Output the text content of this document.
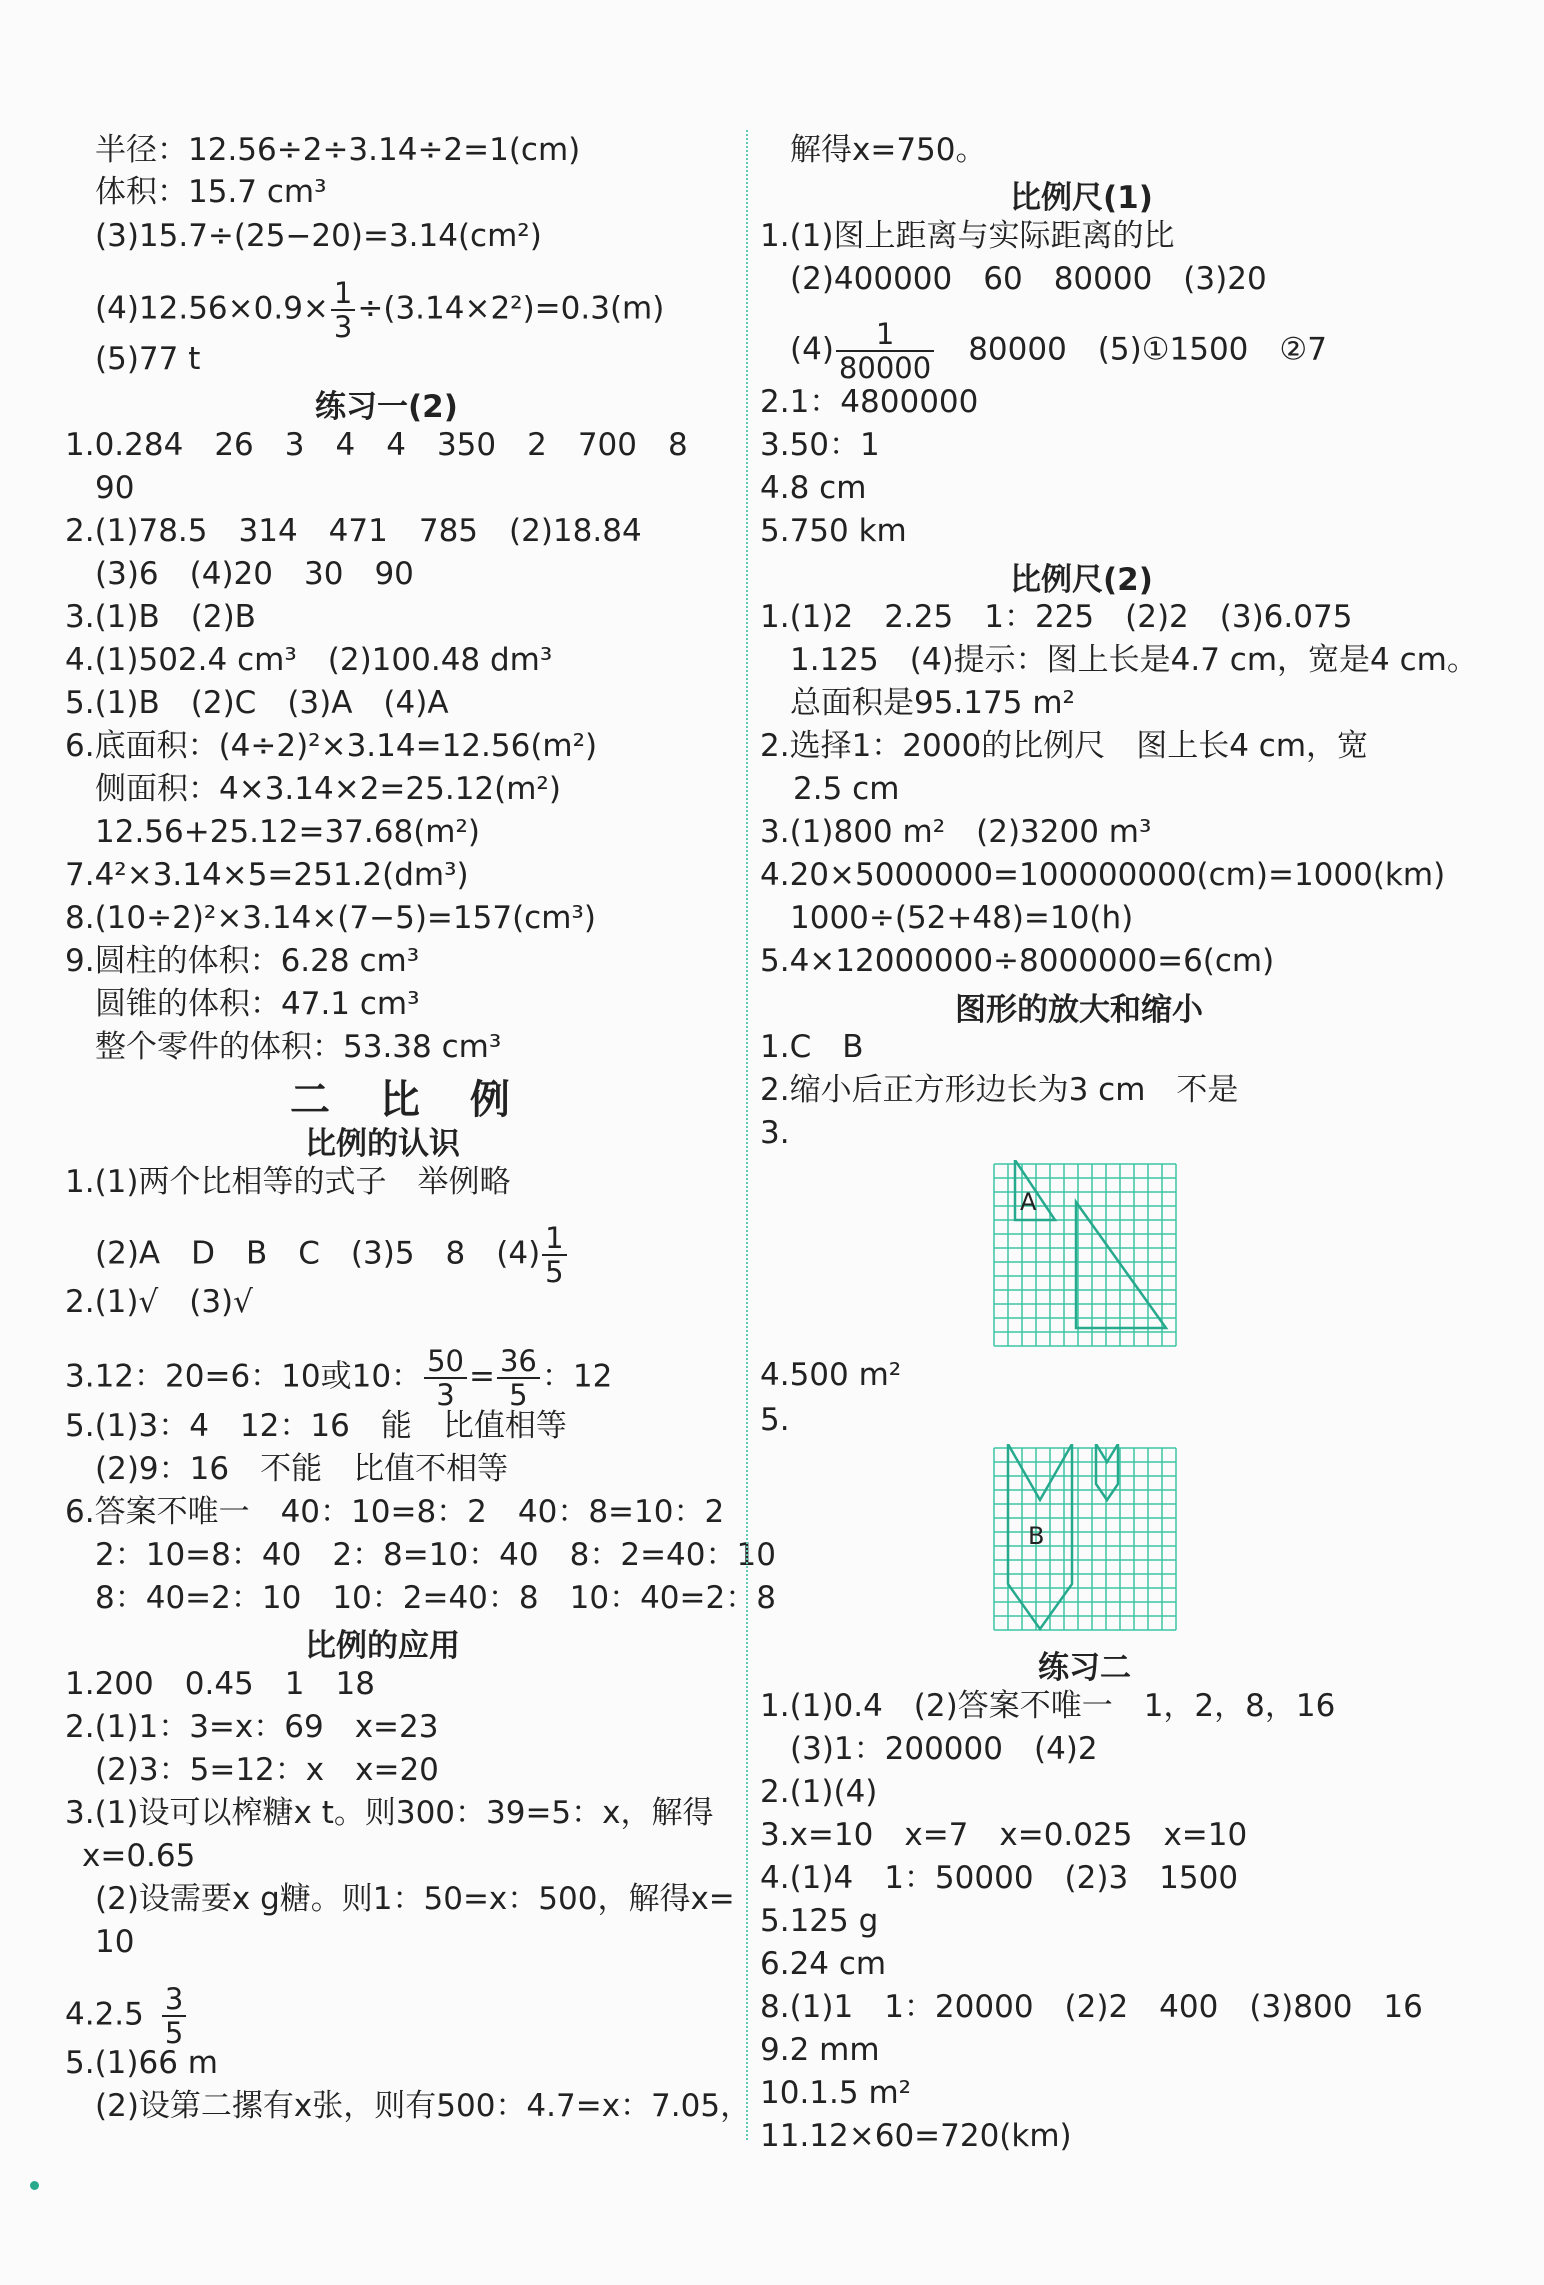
半径：12.56÷2÷3.14÷2=1(cm)
体积：15.7 cm³
(3)15.7÷(25−20)=3.14(cm²)
$(4)12.56\times 0.9\times \frac{1}{3} \div(3.14\times 2^2)=0.3(m)$
(5)77 t
练习一(2)
1.0.284　26　3　4　4　350　2　700　8
90
2.(1)78.5　314　471　785　(2)18.84
(3)6　(4)20　30　90
3.(1)B　(2)B
4.(1)502.4 cm³　(2)100.48 dm³
5.(1)B　(2)C　(3)A　(4)A
6.底面积：(4÷2)²×3.14=12.56(m²)
侧面积：4×3.14×2=25.12(m²)
12.56+25.12=37.68(m²)
7.4²×3.14×5=251.2(dm³)
8.(10÷2)²×3.14×(7−5)=157(cm³)
9.圆柱的体积：6.28 cm³
圆锥的体积：47.1 cm³
整个零件的体积：53.38 cm³
二 比 例
比例的认识
1.(1)两个比相等的式子　举例略
(2)A　D　B　C　(3)5　8　$(4) \frac{1}{5}$
2.(1)√　(3)√
3.12：20=6：10或10： $\frac{50}{3} = \frac{36}{5}$ ：12
5.(1)3：4　12：16　能　比值相等
(2)9：16　不能　比值不相等
6.答案不唯一　40：10=8：2　40：8=10：2
2：10=8：40　2：8=10：40　8：2=40：10
8：40=2：10　10：2=40：8　10：40=2：8
比例的应用
1.200　0.45　1　18
2.(1)1：3=x：69　x=23
(2)3：5=12：x　x=20
3.(1)设可以榨糖x t。则300：39=5：x，解得
x=0.65
(2)设需要x g糖。则1：50=x：500，解得x=
10
$4.2.5 \frac{3}{5}$
5.(1)66 m
(2)设第二摞有x张，则有500：4.7=x：7.05，
解得x=750。
比例尺(1)
1.(1)图上距离与实际距离的比
(2)400000　60　80000　(3)20
$(4) \frac{1}{80000} 80000$　(5)①1500　②7
2.1：4800000
3.50：1
4.8 cm
5.750 km
比例尺(2)
1.(1)2　2.25　1：225　(2)2　(3)6.075
1.125　(4)提示：图上长是4.7 cm，宽是4 cm。
总面积是95.175 m²
2.选择1：2000的比例尺　图上长4 cm，宽
2.5 cm
3.(1)800 m²　(2)3200 m³
4.20×5000000=100000000(cm)=1000(km)
1000÷(52+48)=10(h)
5.4×12000000÷8000000=6(cm)
图形的放大和缩小
1.C　B
2.缩小后正方形边长为3 cm　不是
3.
A
4.500 m²
5.
B
练习二
1.(1)0.4　(2)答案不唯一　1，2，8，16
(3)1：200000　(4)2
2.(1)(4)
3.x=10　x=7　x=0.025　x=10
4.(1)4　1：50000　(2)3　1500
5.125 g
6.24 cm
8.(1)1　1：20000　(2)2　400　(3)800　16
9.2 mm
10.1.5 m²
11.12×60=720(km)
